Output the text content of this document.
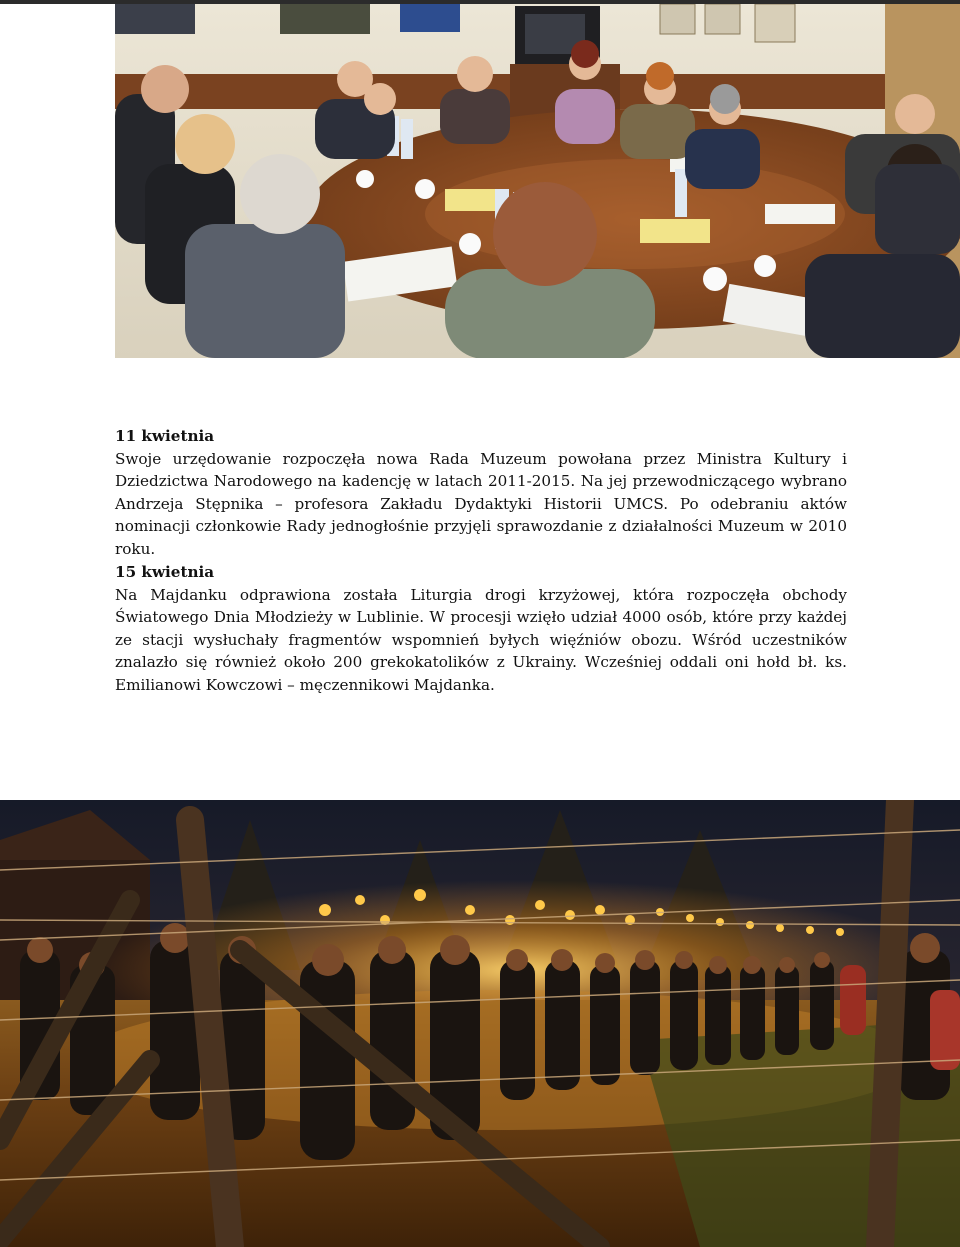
11 kwietnia
Swoje urzędowanie rozpoczęła nowa Rada Muzeum powołana przez Ministra Kultury i Dziedzictwa Narodowego na kadencję w latach 2011-2015. Na jej przewodniczącego wybrano Andrzeja Stępnika – profesora Zakładu Dydaktyki Historii UMCS. Po odebraniu aktów nominacji członkowie Rady jednogłośnie przyjęli sprawozdanie z działalności Muzeum w 2010 roku.
15 kwietnia
Na Majdanku odprawiona została Liturgia drogi krzyżowej, która rozpoczęła obchody Światowego Dnia Młodzieży w Lublinie. W procesji wzięło udział 4000 osób, które przy każdej ze stacji wysłuchały fragmentów wspomnień byłych więźniów obozu. Wśród uczestników znalazło się również około 200 grekokatolików z Ukrainy. Wcześniej oddali oni hołd bł. ks. Emilianowi Kowczowi – męczennikowi Majdanka.
